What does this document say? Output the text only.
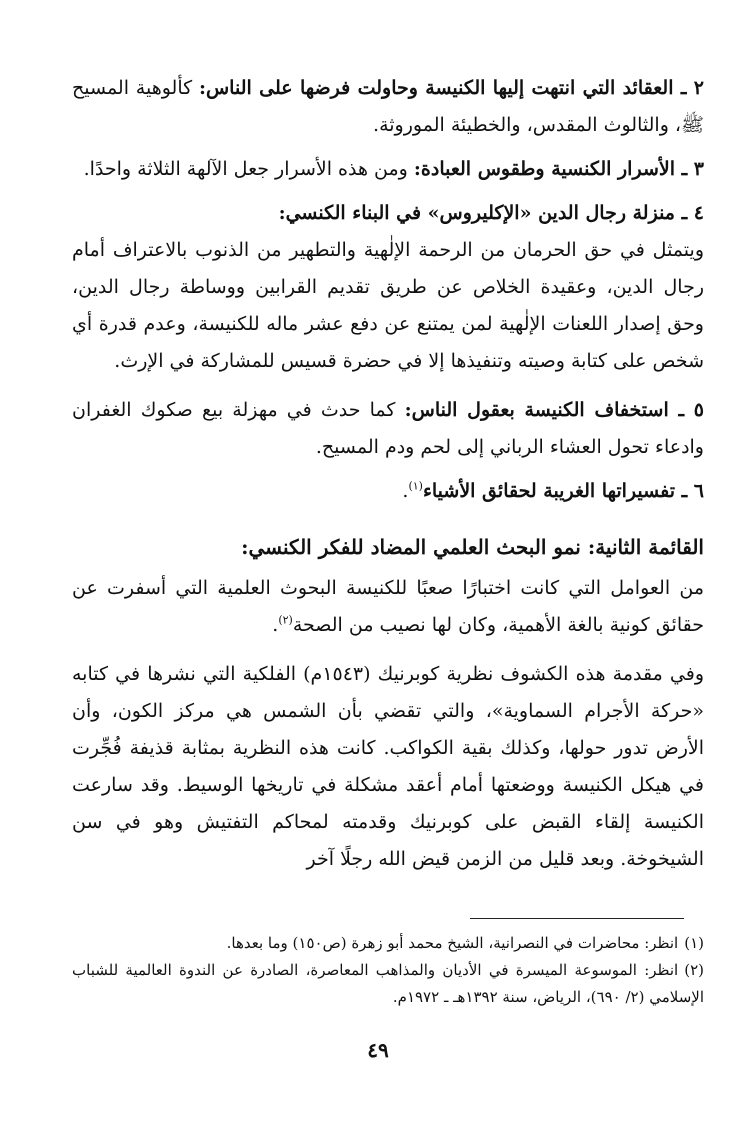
٢ ـ العقائد التي انتهت إليها الكنيسة وحاولت فرضها على الناس: كألوهية المسيح ﷺ، والثالوث المقدس، والخطيئة الموروثة.

٣ ـ الأسرار الكنسية وطقوس العبادة: ومن هذه الأسرار جعل الآلهة الثلاثة واحدًا.

٤ ـ منزلة رجال الدين «الإكليروس» في البناء الكنسي:
ويتمثل في حق الحرمان من الرحمة الإلٰهية والتطهير من الذنوب بالاعتراف أمام رجال الدين، وعقيدة الخلاص عن طريق تقديم القرابين ووساطة رجال الدين، وحق إصدار اللعنات الإلٰهية لمن يمتنع عن دفع عشر ماله للكنيسة، وعدم قدرة أي شخص على كتابة وصيته وتنفيذها إلا في حضرة قسيس للمشاركة في الإرث.

٥ ـ استخفاف الكنيسة بعقول الناس: كما حدث في مهزلة بيع صكوك الغفران وادعاء تحول العشاء الرباني إلى لحم ودم المسيح.

٦ ـ تفسيراتها الغريبة لحقائق الأشياء$^{(١)}$.

القائمة الثانية: نمو البحث العلمي المضاد للفكر الكنسي:

من العوامل التي كانت اختبارًا صعبًا للكنيسة البحوث العلمية التي أسفرت عن حقائق كونية بالغة الأهمية، وكان لها نصيب من الصحة$^{(٢)}$.

وفي مقدمة هذه الكشوف نظرية كوبرنيك (١٥٤٣م) الفلكية التي نشرها في كتابه «حركة الأجرام السماوية»، والتي تقضي بأن الشمس هي مركز الكون، وأن الأرض تدور حولها، وكذلك بقية الكواكب. كانت هذه النظرية بمثابة قذيفة فُجِّرت في هيكل الكنيسة ووضعتها أمام أعقد مشكلة في تاريخها الوسيط. وقد سارعت الكنيسة إلقاء القبض على كوبرنيك وقدمته لمحاكم التفتيش وهو في سن الشيخوخة. وبعد قليل من الزمن قيض الله رجلًا آخر

(١)انظر: محاضرات في النصرانية، الشيخ محمد أبو زهرة (ص١٥٠) وما بعدها.

(٢)انظر: الموسوعة الميسرة في الأديان والمذاهب المعاصرة، الصادرة عن الندوة العالمية للشباب الإسلامي (٢/ ٦٩٠)، الرياض، سنة ١٣٩٢هـ ـ ١٩٧٢م.

٤٩
